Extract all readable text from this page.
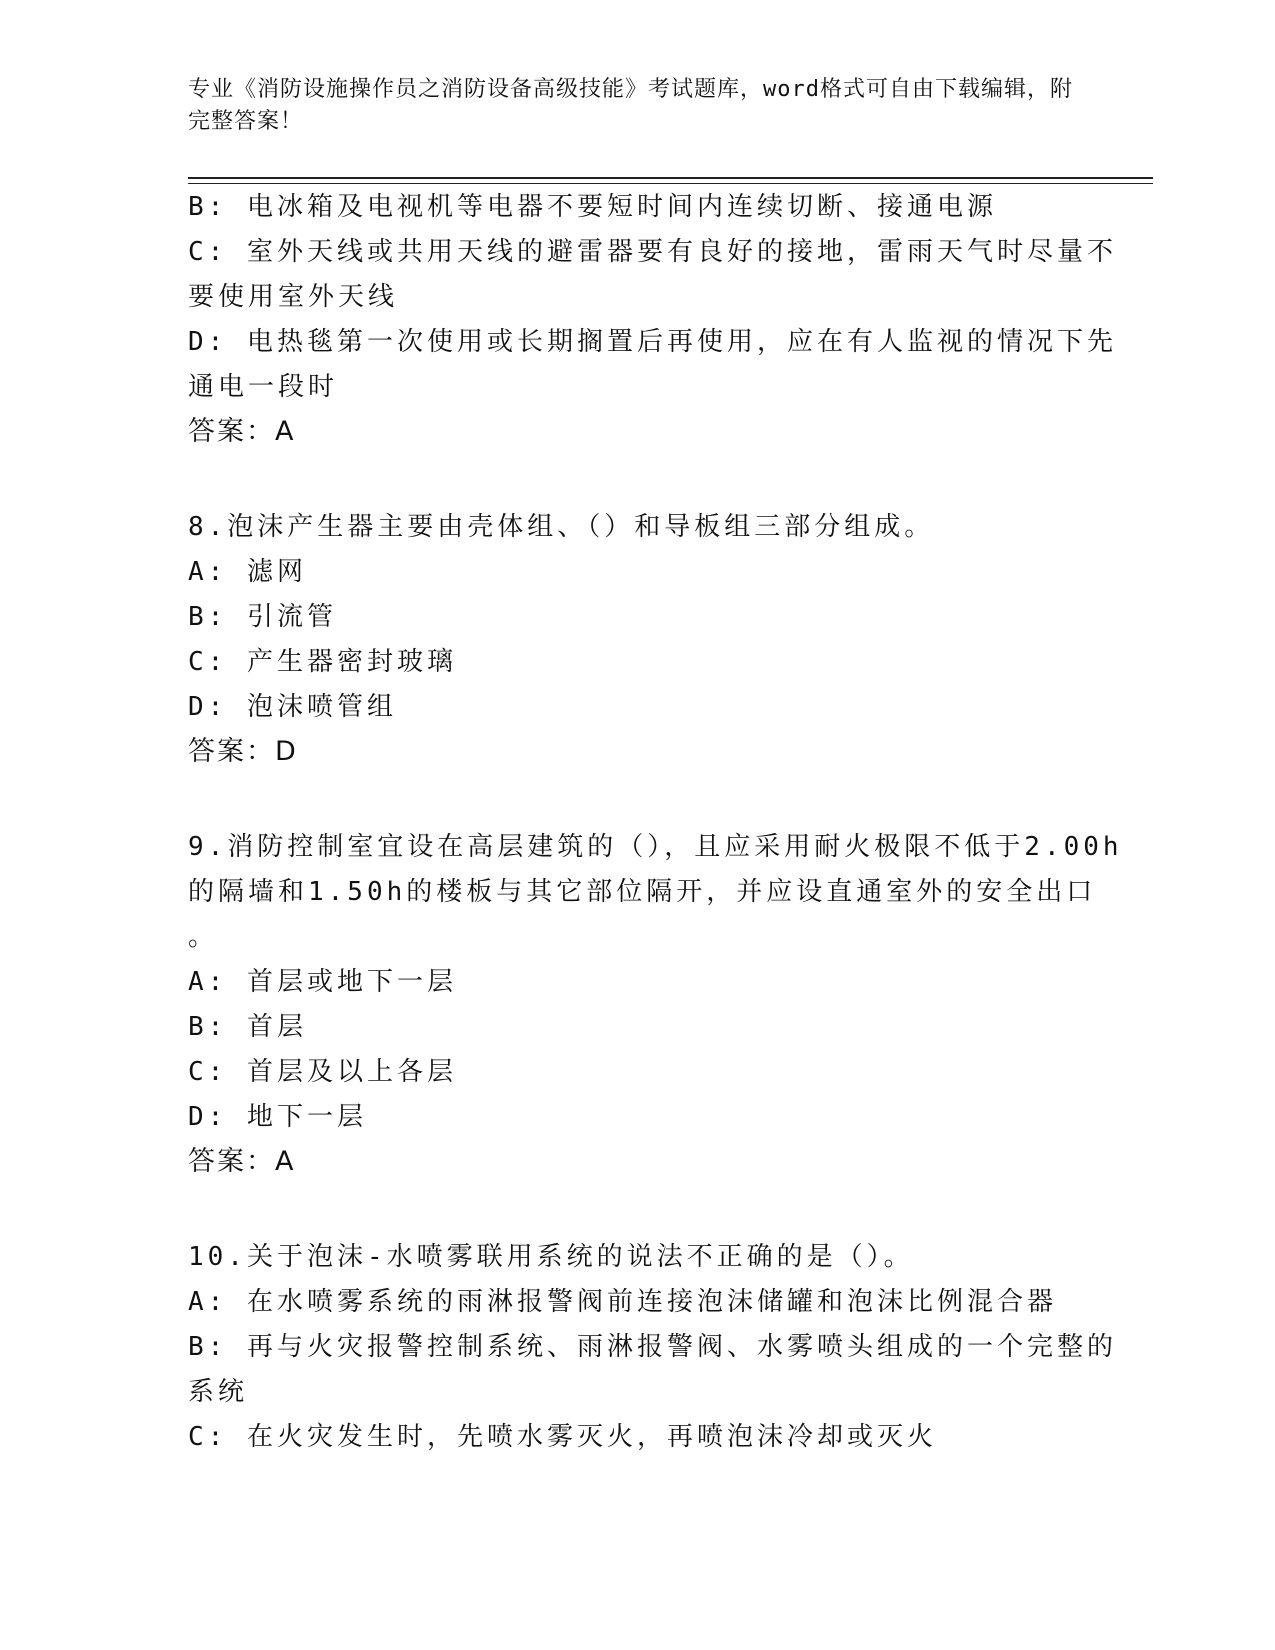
专业《消防设施操作员之消防设备高级技能》考试题库，word格式可自由下载编辑，附完整答案！
B: 电冰箱及电视机等电器不要短时间内连续切断、接通电源
C: 室外天线或共用天线的避雷器要有良好的接地，雷雨天气时尽量不
要使用室外天线
D: 电热毯第一次使用或长期搁置后再使用，应在有人监视的情况下先
通电一段时
答案：A
8.泡沫产生器主要由壳体组、（）和导板组三部分组成。
A: 滤网
B: 引流管
C: 产生器密封玻璃
D: 泡沫喷管组
答案：D
9.消防控制室宜设在高层建筑的（），且应采用耐火极限不低于2.00h
的隔墙和1.50h的楼板与其它部位隔开，并应设直通室外的安全出口
。
A: 首层或地下一层
B: 首层
C: 首层及以上各层
D: 地下一层
答案：A
10.关于泡沫-水喷雾联用系统的说法不正确的是（）。
A: 在水喷雾系统的雨淋报警阀前连接泡沫储罐和泡沫比例混合器
B: 再与火灾报警控制系统、雨淋报警阀、水雾喷头组成的一个完整的
系统
C: 在火灾发生时，先喷水雾灭火，再喷泡沫冷却或灭火
